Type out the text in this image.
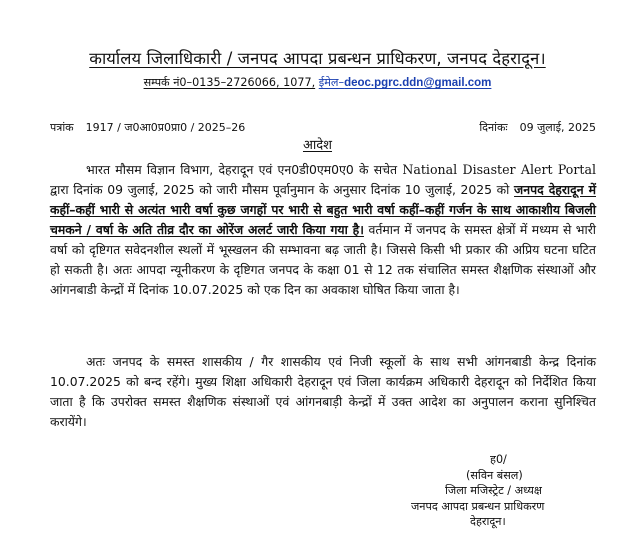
कार्यालय जिलाधिकारी / जनपद आपदा प्रबन्धन प्राधिकरण, जनपद देहरादून।
सम्पर्क नं0–0135–2726066, 1077, ईमेल–deoc.pgrc.ddn@gmail.com
पत्रांक 1917 / ज0आ0प्र0प्रा0 / 2025–26	दिनांकः 09 जुलाई, 2025
आदेश

भारत मौसम विज्ञान विभाग, देहरादून एवं एन0डी0एम0ए0 के सचेत National Disaster Alert Portal द्वारा दिनांक 09 जुलाई, 2025 को जारी मौसम पूर्वानुमान के अनुसार दिनांक 10 जुलाई, 2025 को जनपद देहरादून में कहीं–कहीं भारी से अत्यंत भारी वर्षा कुछ जगहों पर भारी से बहुत भारी वर्षा कहीं–कहीं गर्जन के साथ आकाशीय बिजली चमकने / वर्षा के अति तीव्र दौर का ओरेंज अलर्ट जारी किया गया है। वर्तमान में जनपद के समस्त क्षेत्रों में मध्यम से भारी वर्षा को दृष्टिगत सवेदनशील स्थलों में भूस्खलन की सम्भावना बढ़ जाती है। जिससे किसी भी प्रकार की अप्रिय घटना घटित हो सकती है। अतः आपदा न्यूनीकरण के दृष्टिगत जनपद के कक्षा 01 से 12 तक संचालित समस्त शैक्षणिक संस्थाओं और आंगनबाडी केन्द्रों में दिनांक 10.07.2025 को एक दिन का अवकाश घोषित किया जाता है।

अतः जनपद के समस्त शासकीय / गैर शासकीय एवं निजी स्कूलों के साथ सभी आंगनबाडी केन्द्र दिनांक 10.07.2025 को बन्द रहेंगे। मुख्य शिक्षा अधिकारी देहरादून एवं जिला कार्यक्रम अधिकारी देहरादून को निर्देशित किया जाता है कि उपरोक्त समस्त शैक्षणिक संस्थाओं एवं आंगनबाड़ी केन्द्रों में उक्त आदेश का अनुपालन कराना सुनिश्चित करायेंगे।

ह0/
(सविन बंसल)
जिला मजिस्ट्रेट / अध्यक्ष
जनपद आपदा प्रबन्धन प्राधिकरण
देहरादून।
